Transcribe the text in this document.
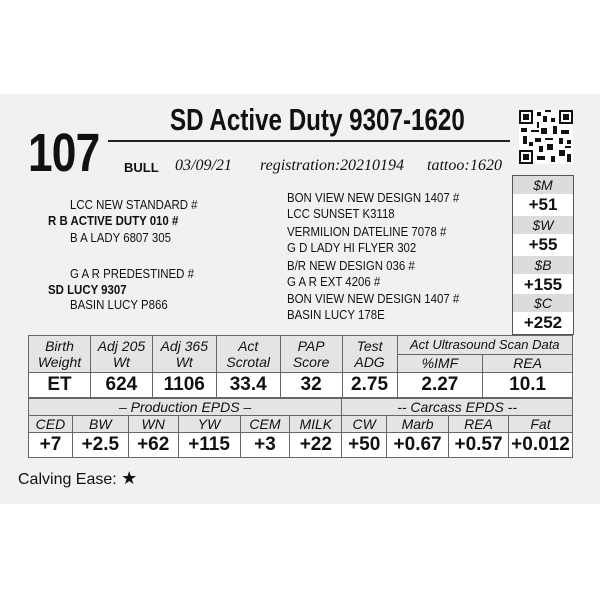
107
SD Active Duty 9307-1620
BULL 03/09/21 registration: 20210194 tattoo: 1620
LCC NEW STANDARD #
R B ACTIVE DUTY 010 #
B A LADY 6807 305
G A R PREDESTINED #
SD LUCY 9307
BASIN LUCY P866
BON VIEW NEW DESIGN 1407 #
LCC SUNSET K3118
VERMILION DATELINE 7078 #
G D LADY HI FLYER 302
B/R NEW DESIGN 036 #
G A R EXT 4206 #
BON VIEW NEW DESIGN 1407 #
BASIN LUCY 178E
$M
+51
$W
+55
$B
+155
$C
+252
Birth Weight	Adj 205 Wt	Adj 365 Wt	Act Scrotal	PAP Score	Test ADG	Act Ultrasound Scan Data	
						%IMF	REA
ET	624	1106	33.4	32	2.75	2.27	10.1
– Production EPDS –						-- Carcass EPDS --			
CED	BW	WN	YW	CEM	MILK	CW	Marb	REA	Fat
+7	+2.5	+62	+115	+3	+22	+50	+0.67	+0.57	+0.012
Calving Ease: ★
